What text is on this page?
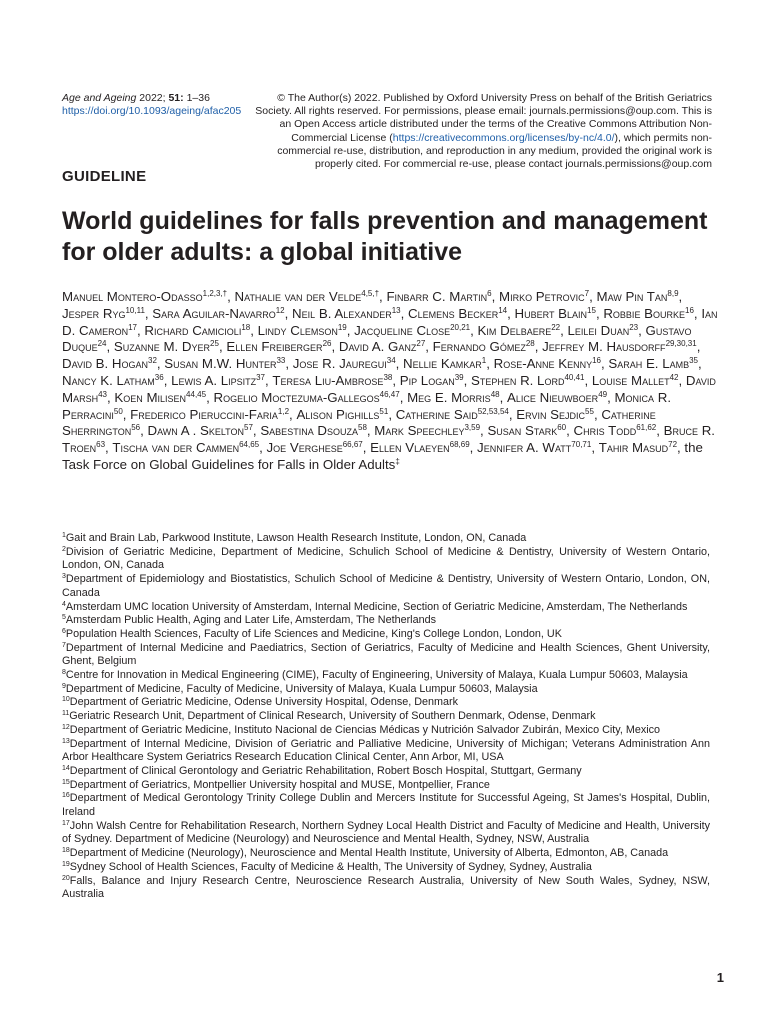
Age and Ageing 2022; 51: 1–36
https://doi.org/10.1093/ageing/afac205
© The Author(s) 2022. Published by Oxford University Press on behalf of the British Geriatrics Society. All rights reserved. For permissions, please email: journals.permissions@oup.com. This is an Open Access article distributed under the terms of the Creative Commons Attribution Non-Commercial License (https://creativecommons.org/licenses/by-nc/4.0/), which permits non-commercial re-use, distribution, and reproduction in any medium, provided the original work is properly cited. For commercial re-use, please contact journals.permissions@oup.com
GUIDELINE
World guidelines for falls prevention and management for older adults: a global initiative
Manuel Montero-Odasso$^{1,2,3,\dagger}$, Nathalie van der Velde$^{4,5,\dagger}$, Finbarr C. Martin$^6$, Mirko Petrovic$^7$, Maw Pin Tan$^{8,9}$, Jesper Ryg$^{10,11}$, Sara Aguilar-Navarro$^{12}$, Neil B. Alexander$^{13}$, Clemens Becker$^{14}$, Hubert Blain$^{15}$, Robbie Bourke$^{16}$, Ian D. Cameron$^{17}$, Richard Camicioli$^{18}$, Lindy Clemson$^{19}$, Jacqueline Close$^{20,21}$, Kim Delbaere$^{22}$, Leilei Duan$^{23}$, Gustavo Duque$^{24}$, Suzanne M. Dyer$^{25}$, Ellen Freiberger$^{26}$, David A. Ganz$^{27}$, Fernando Gómez$^{28}$, Jeffrey M. Hausdorff$^{29,30,31}$, David B. Hogan$^{32}$, Susan M.W. Hunter$^{33}$, Jose R. Jauregui$^{34}$, Nellie Kamkar$^1$, Rose-Anne Kenny$^{16}$, Sarah E. Lamb$^{35}$, Nancy K. Latham$^{36}$, Lewis A. Lipsitz$^{37}$, Teresa Liu-Ambrose$^{38}$, Pip Logan$^{39}$, Stephen R. Lord$^{40,41}$, Louise Mallet$^{42}$, David Marsh$^{43}$, Koen Milisen$^{44,45}$, Rogelio Moctezuma-Gallegos$^{46,47}$, Meg E. Morris$^{48}$, Alice Nieuwboer$^{49}$, Monica R. Perracini$^{50}$, Frederico Pieruccini-Faria$^{1,2}$, Alison Pighills$^{51}$, Catherine Said$^{52,53,54}$, Ervin Sejdic$^{55}$, Catherine Sherrington$^{56}$, Dawn A . Skelton$^{57}$, Sabestina Dsouza$^{58}$, Mark Speechley$^{3,59}$, Susan Stark$^{60}$, Chris Todd$^{61,62}$, Bruce R. Troen$^{63}$, Tischa van der Cammen$^{64,65}$, Joe Verghese$^{66,67}$, Ellen Vlaeyen$^{68,69}$, Jennifer A. Watt$^{70,71}$, Tahir Masud$^{72}$, the Task Force on Global Guidelines for Falls in Older Adults‡

$^1$Gait and Brain Lab, Parkwood Institute, Lawson Health Research Institute, London, ON, Canada

$^2$Division of Geriatric Medicine, Department of Medicine, Schulich School of Medicine & Dentistry, University of Western Ontario, London, ON, Canada

$^3$Department of Epidemiology and Biostatistics, Schulich School of Medicine & Dentistry, University of Western Ontario, London, ON, Canada

$^4$Amsterdam UMC location University of Amsterdam, Internal Medicine, Section of Geriatric Medicine, Amsterdam, The Netherlands

$^5$Amsterdam Public Health, Aging and Later Life, Amsterdam, The Netherlands

$^6$Population Health Sciences, Faculty of Life Sciences and Medicine, King's College London, London, UK

$^7$Department of Internal Medicine and Paediatrics, Section of Geriatrics, Faculty of Medicine and Health Sciences, Ghent University, Ghent, Belgium

$^8$Centre for Innovation in Medical Engineering (CIME), Faculty of Engineering, University of Malaya, Kuala Lumpur 50603, Malaysia

$^9$Department of Medicine, Faculty of Medicine, University of Malaya, Kuala Lumpur 50603, Malaysia

$^{10}$Department of Geriatric Medicine, Odense University Hospital, Odense, Denmark

$^{11}$Geriatric Research Unit, Department of Clinical Research, University of Southern Denmark, Odense, Denmark

$^{12}$Department of Geriatric Medicine, Instituto Nacional de Ciencias Médicas y Nutrición Salvador Zubirán, Mexico City, Mexico

$^{13}$Department of Internal Medicine, Division of Geriatric and Palliative Medicine, University of Michigan; Veterans Administration Ann Arbor Healthcare System Geriatrics Research Education Clinical Center, Ann Arbor, MI, USA

$^{14}$Department of Clinical Gerontology and Geriatric Rehabilitation, Robert Bosch Hospital, Stuttgart, Germany

$^{15}$Department of Geriatrics, Montpellier University hospital and MUSE, Montpellier, France

$^{16}$Department of Medical Gerontology Trinity College Dublin and Mercers Institute for Successful Ageing, St James's Hospital, Dublin, Ireland

$^{17}$John Walsh Centre for Rehabilitation Research, Northern Sydney Local Health District and Faculty of Medicine and Health, University of Sydney. Department of Medicine (Neurology) and Neuroscience and Mental Health, Sydney, NSW, Australia

$^{18}$Department of Medicine (Neurology), Neuroscience and Mental Health Institute, University of Alberta, Edmonton, AB, Canada

$^{19}$Sydney School of Health Sciences, Faculty of Medicine & Health, The University of Sydney, Sydney, Australia

$^{20}$Falls, Balance and Injury Research Centre, Neuroscience Research Australia, University of New South Wales, Sydney, NSW, Australia

1
